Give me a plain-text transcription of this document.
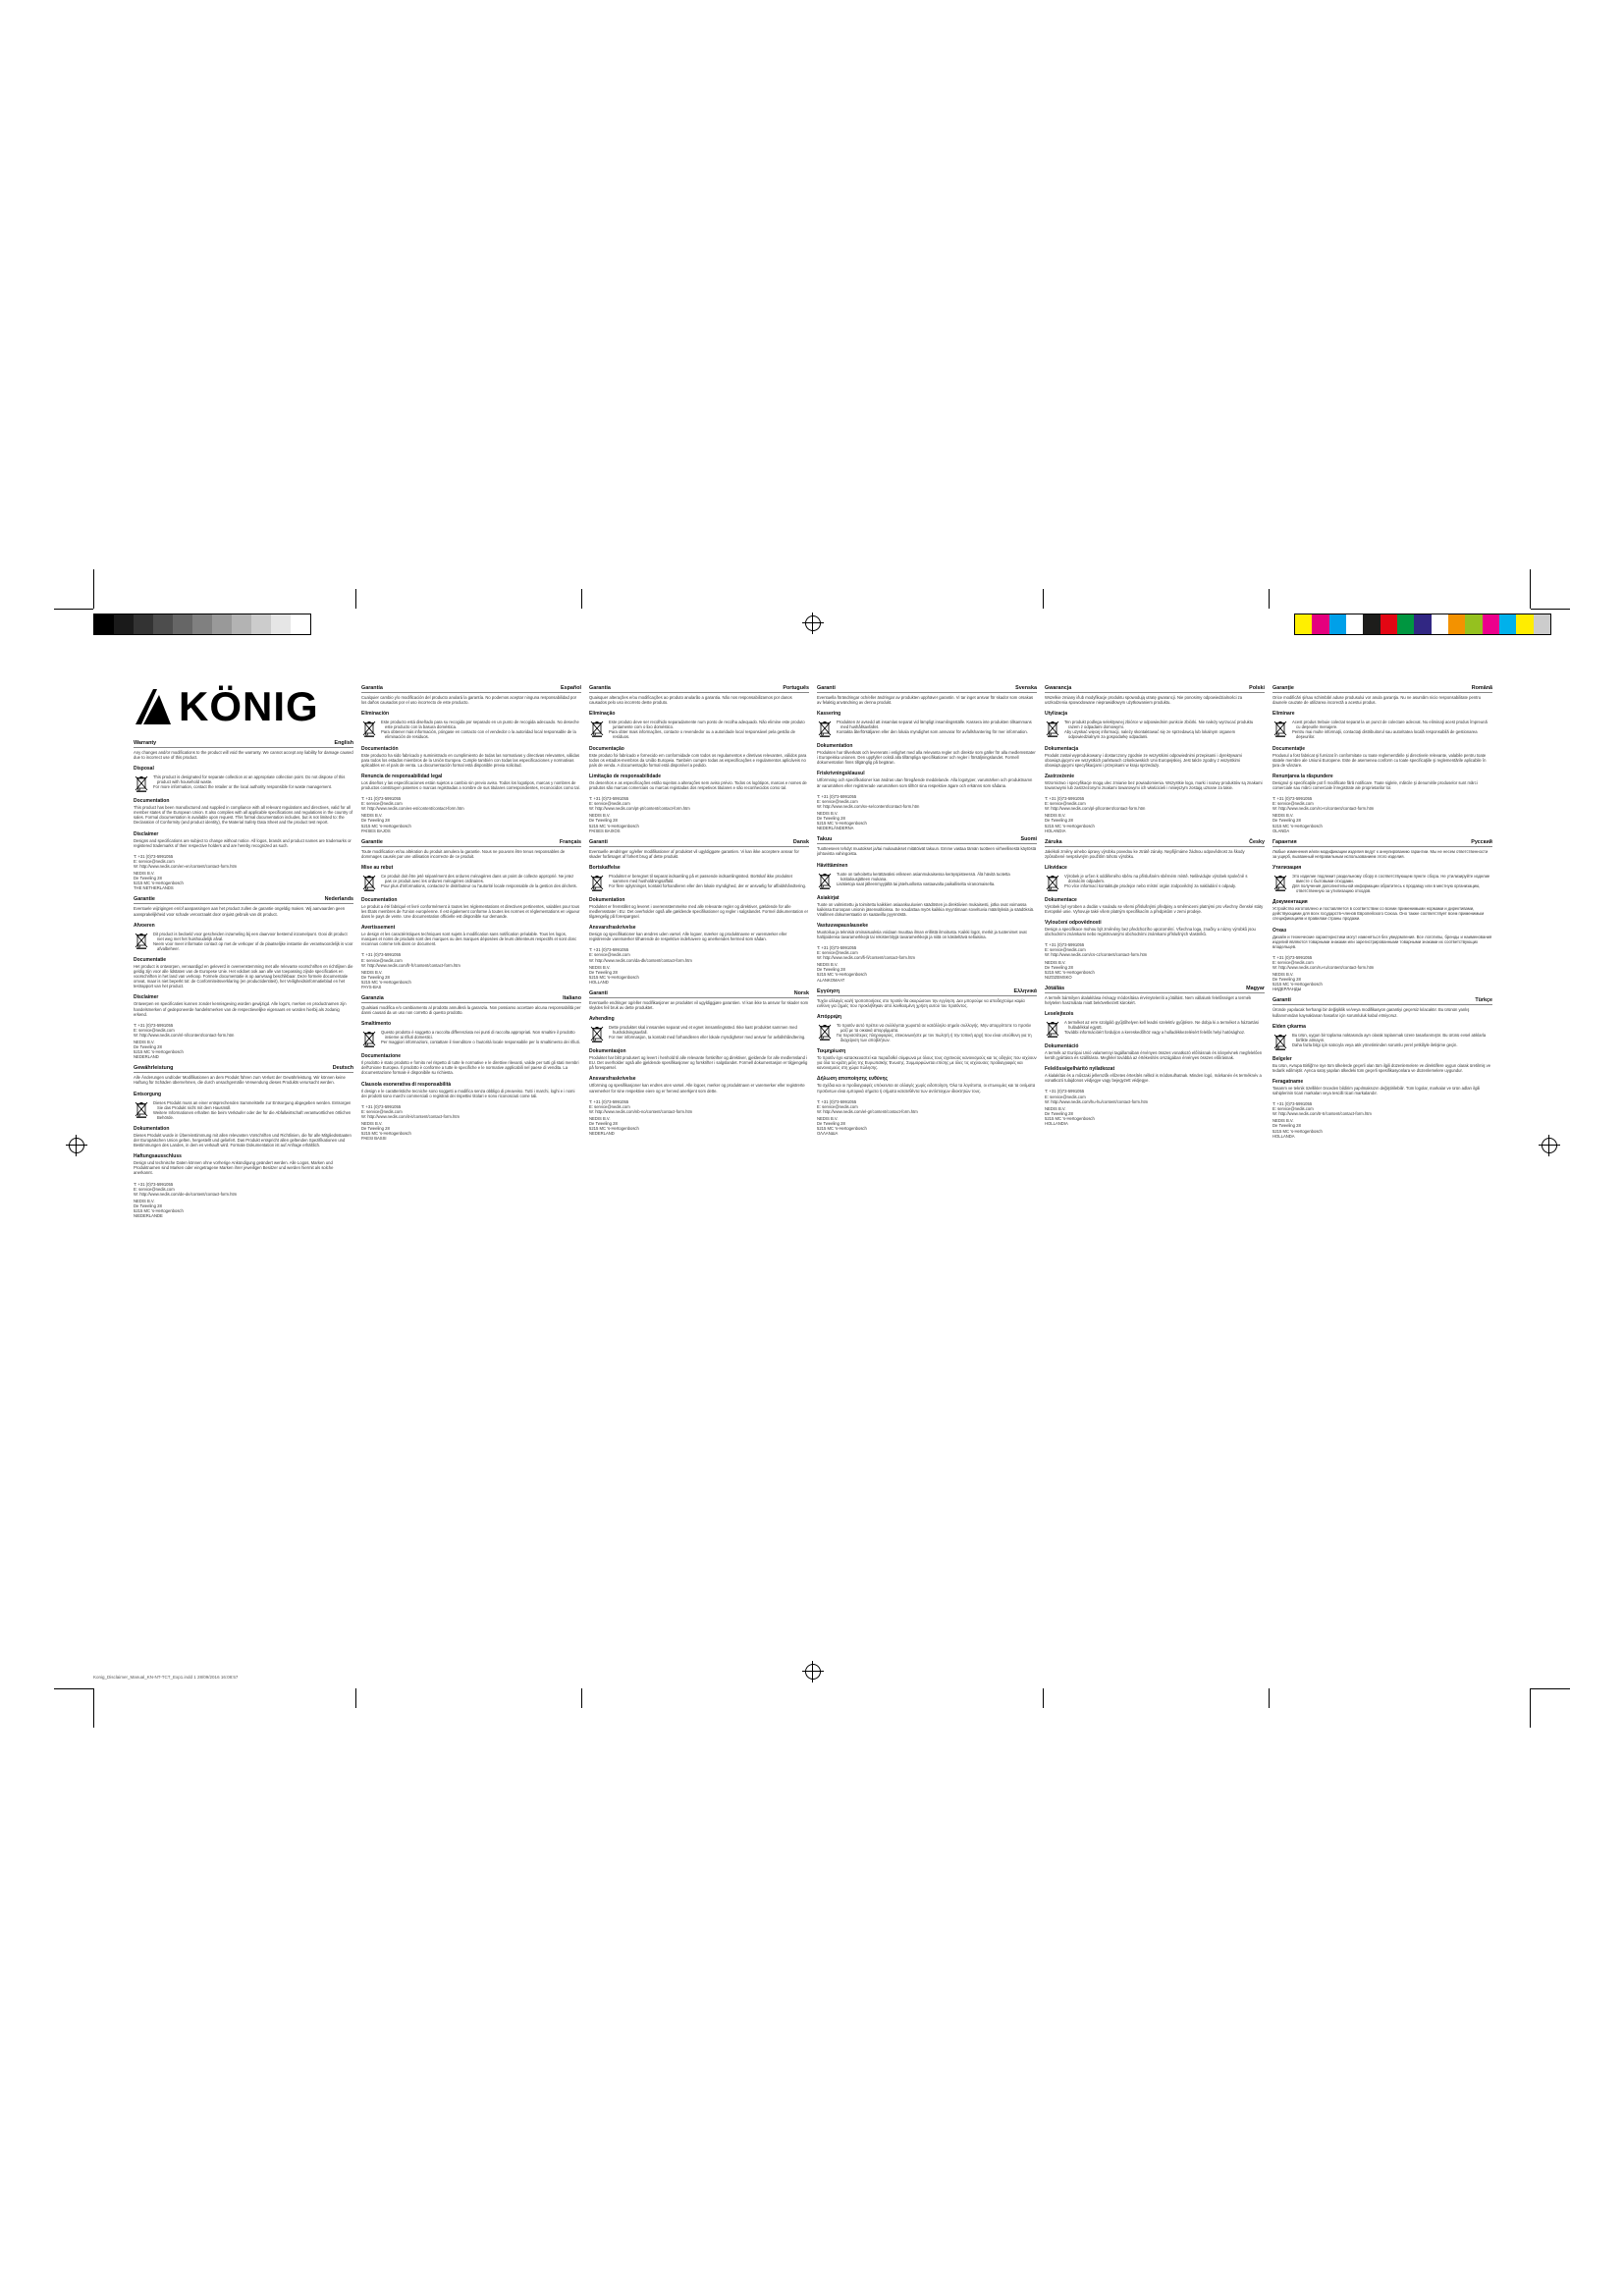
KÖNIG
Warranty	English
Any changes and/or modifications to the product will void the warranty. We cannot accept any liability for damage caused due to incorrect use of this product.
Disposal
This product is designated for separate collection at an appropriate collection point. Do not dispose of this product with household waste.
For more information, contact the retailer or the local authority responsible for waste management.
Documentation
This product has been manufactured and supplied in compliance with all relevant regulations and directives, valid for all member states of the European Union. It also complies with all applicable specifications and regulations in the country of sales. Formal documentation is available upon request. This formal documentation includes, but is not limited to: the Declaration of Conformity (and product identity), the Material Safety Data Sheet and the product test report.
Disclaimer
Designs and specifications are subject to change without notice. All logos, brands and product names are trademarks or registered trademarks of their respective holders and are hereby recognized as such.
T: +31 (0)73-5991055
E: service@nedis.com
W: http://www.nedis.com/en-en/content/contact-form.htm
NEDIS B.V.
De Tweeling 28
5215 MC 's-Hertogenbosch
THE NETHERLANDS
Garantie	Nederlands
Eventuele wijzigingen en/of aanpassingen aan het product zullen de garantie ongeldig maken. Wij aanvaarden geen aansprakelijkheid voor schade veroorzaakt door onjuist gebruik van dit product.
Afvoeren
Dit product is bedoeld voor gescheiden inzameling bij een daarvoor bestemd inzamelpunt. Gooi dit product niet weg met het huishoudelijk afval.
Neem voor meer informatie contact op met de verkoper of de plaatselijke instantie die verantwoordelijk is voor afvalbeheer.
Documentatie
Het product is ontworpen, vervaardigd en geleverd in overeenstemming met alle relevante voorschriften en richtlijnen die geldig zijn voor alle lidstaten van de Europese Unie. Het voldoet ook aan alle van toepassing zijnde specificaties en voorschriften in het land van verkoop. Formele documentatie is op aanvraag beschikbaar. Deze formele documentatie omvat, maar is niet beperkt tot: de Conformiteitsverklaring (en productidentiteit), het Veiligheidsinformatieblad en het testrapport van het product.
Disclaimer
Ontwerpen en specificaties kunnen zonder kennisgeving worden gewijzigd. Alle logo's, merken en productnamen zijn handelsmerken of gedeponeerde handelsmerken van de respectievelijke eigenaars en worden hierbij als zodanig erkend.
T: +31 (0)73-5991055
E: service@nedis.com
W: http://www.nedis.com/nl-nl/content/contact-form.htm
NEDIS B.V.
De Tweeling 28
5215 MC 's-Hertogenbosch
NEDERLAND
Gewährleistung	Deutsch
Alle Änderungen und/oder Modifikationen an dem Produkt führen zum Verlust der Gewährleistung. Wir können keine Haftung für Schäden übernehmen, die durch unsachgemäße Verwendung dieses Produkts verursacht werden.
Entsorgung
Dieses Produkt muss an einer entsprechenden Sammelstelle zur Entsorgung abgegeben werden. Entsorgen Sie das Produkt nicht mit dem Hausmüll.
Weitere Informationen erhalten Sie beim Verkäufer oder der für die Abfallwirtschaft verantwortlichen örtlichen Behörde.
Dokumentation
Dieses Produkt wurde in Übereinstimmung mit allen relevanten Vorschriften und Richtlinien, die für alle Mitgliedsstaaten der Europäischen Union gelten, hergestellt und geliefert. Das Produkt entspricht allen geltenden Spezifikationen und Bestimmungen des Landes, in dem es verkauft wird. Formale Dokumentation ist auf Anfrage erhältlich.
Haftungsausschluss
Design und technische Daten können ohne vorherige Ankündigung geändert werden. Alle Logos, Marken und Produktnamen sind Marken oder eingetragene Marken ihrer jeweiligen Besitzer und werden hiermit als solche anerkannt.
T: +31 (0)73-5991055
E: service@nedis.com
W: http://www.nedis.com/de-de/content/contact-form.htm
NEDIS B.V.
De Tweeling 28
5215 MC 's-Hertogenbosch
NIEDERLANDE
Garantía	Español
Cualquier cambio y/o modificación del producto anulará la garantía. No podemos aceptar ninguna responsabilidad por los daños causados por el uso incorrecto de este producto.
Eliminación
Este producto está diseñado para su recogida por separado en un punto de recogida adecuado. No deseche este producto con la basura doméstica.
Para obtener más información, póngase en contacto con el vendedor o la autoridad local responsable de la eliminación de residuos.
Documentación
Este producto ha sido fabricado y suministrado en cumplimiento de todas las normativas y directivas relevantes, válidas para todos los estados miembros de la Unión Europea. Cumple también con todas las especificaciones y normativas aplicables en el país de venta. La documentación formal está disponible previa solicitud.
Renuncia de responsabilidad legal
Los diseños y las especificaciones están sujetos a cambio sin previo aviso. Todos los logotipos, marcas y nombres de productos constituyen patentes o marcas registradas a nombre de sus titulares correspondientes, reconocidos como tal.
T: +31 (0)73-5991055
E: service@nedis.com
W: http://www.nedis.com/es-es/content/contact-form.htm
NEDIS B.V.
De Tweeling 28
5215 MC 's-Hertogenbosch
PAÍSES BAJOS
Garantie	Français
Toute modification et/ou altération du produit annulera la garantie. Nous ne pouvons être tenus responsables de dommages causés par une utilisation incorrecte de ce produit.
Mise au rebut
Ce produit doit être jeté séparément des ordures ménagères dans un point de collecte approprié. Ne jetez pas ce produit avec les ordures ménagères ordinaires.
Pour plus d'informations, contactez le distributeur ou l'autorité locale responsable de la gestion des déchets.
Documentation
Le produit a été fabriqué et livré conformément à toutes les réglementations et directives pertinentes, valables pour tous les États membres de l'Union européenne. Il est également conforme à toutes les normes et réglementations en vigueur dans le pays de vente. Une documentation officielle est disponible sur demande.
Avertissement
Le design et les caractéristiques techniques sont sujets à modification sans notification préalable. Tous les logos, marques et noms de produits sont des marques ou des marques déposées de leurs détenteurs respectifs et sont donc reconnus comme tels dans ce document.
T: +31 (0)73-5991055
E: service@nedis.com
W: http://www.nedis.com/fr-fr/content/contact-form.htm
NEDIS B.V.
De Tweeling 28
5215 MC 's-Hertogenbosch
PAYS-BAS
Garanzia	Italiano
Qualsiasi modifica e/o cambiamento al prodotto annullerà la garanzia. Non possiamo accettare alcuna responsabilità per danni causati da un uso non corretto di questo prodotto.
Smaltimento
Questo prodotto è soggetto a raccolta differenziata nei punti di raccolta appropriati. Non smaltire il prodotto insieme ai rifiuti domestici.
Per maggiori informazioni, contattare il rivenditore o l'autorità locale responsabile per lo smaltimento dei rifiuti.
Documentazione
Il prodotto è stato prodotto e fornito nel rispetto di tutte le normative e le direttive rilevanti, valide per tutti gli stati membri dell'Unione Europea. Il prodotto è conforme a tutte le specifiche e le normative applicabili nel paese di vendita. La documentazione formale è disponibile su richiesta.
Clausola esonerativa di responsabilità
Il design e le caratteristiche tecniche sono soggetti a modifica senza obbligo di preavviso. Tutti i marchi, loghi e i nomi dei prodotti sono marchi commerciali o registrati dei rispettivi titolari e sono riconosciuti come tali.
T: +31 (0)73-5991055
E: service@nedis.com
W: http://www.nedis.com/it-it/content/contact-form.htm
NEDIS B.V.
De Tweeling 28
5215 MC 's-Hertogenbosch
PAESI BASSI
Garantia	Português
Quaisquer alterações e/ou modificações ao produto anularão a garantia. Não nos responsabilizamos por danos causados pelo uso incorreto deste produto.
Eliminação
Este produto deve ser recolhido separadamente num ponto de recolha adequado. Não elimine este produto juntamente com o lixo doméstico.
Para obter mais informações, contacte o revendedor ou a autoridade local responsável pela gestão de resíduos.
Documentação
Este produto foi fabricado e fornecido em conformidade com todos os regulamentos e diretivas relevantes, válidos para todos os estados-membros da União Europeia. Também cumpre todas as especificações e regulamentos aplicáveis no país de venda. A documentação formal está disponível a pedido.
Limitação de responsabilidade
Os desenhos e as especificações estão sujeitos a alterações sem aviso prévio. Todos os logótipos, marcas e nomes de produtos são marcas comerciais ou marcas registadas dos respetivos titulares e são reconhecidos como tal.
T: +31 (0)73-5991055
E: service@nedis.com
W: http://www.nedis.com/pt-pt/content/contact-form.htm
NEDIS B.V.
De Tweeling 28
5215 MC 's-Hertogenbosch
PAÍSES BAIXOS
Garanti	Dansk
Eventuelle ændringer og/eller modifikationer af produktet vil ugyldiggøre garantien. Vi kan ikke acceptere ansvar for skader forårsaget af forkert brug af dette produkt.
Bortskaffelse
Produktet er beregnet til separat indsamling på et passende indsamlingssted. Bortskaf ikke produktet sammen med husholdningsaffald.
For flere oplysninger, kontakt forhandleren eller den lokale myndighed, der er ansvarlig for affaldshåndtering.
Dokumentation
Produktet er fremstillet og leveret i overensstemmelse med alle relevante regler og direktiver, gældende for alle medlemsstater i EU. Det overholder også alle gældende specifikationer og regler i salgslandet. Formel dokumentation er tilgængelig på forespørgsel.
Ansvarsfraskrivelse
Design og specifikationer kan ændres uden varsel. Alle logoer, mærker og produktnavne er varemærker eller registrerede varemærker tilhørende de respektive indehavere og anerkendes hermed som sådan.
T: +31 (0)73-5991055
E: service@nedis.com
W: http://www.nedis.com/da-dk/content/contact-form.htm
NEDIS B.V.
De Tweeling 28
5215 MC 's-Hertogenbosch
HOLLAND
Garanti	Norsk
Eventuelle endringer og/eller modifikasjoner av produktet vil ugyldiggjøre garantien. Vi kan ikke ta ansvar for skader som skyldes feil bruk av dette produktet.
Avhending
Dette produktet skal innsamles separat ved et egnet innsamlingssted. Ikke kast produktet sammen med husholdningsavfall.
For mer informasjon, ta kontakt med forhandleren eller lokale myndigheter med ansvar for avfallshåndtering.
Dokumentasjon
Produktet har blitt produsert og levert i henhold til alle relevante forskrifter og direktiver, gjeldende for alle medlemsland i EU. Det overholder også alle gjeldende spesifikasjoner og forskrifter i salgslandet. Formell dokumentasjon er tilgjengelig på forespørsel.
Ansvarsfraskrivelse
Utforming og spesifikasjoner kan endres uten varsel. Alle logoer, merker og produktnavn er varemerker eller registrerte varemerker for sine respektive eiere og er herved anerkjent som dette.
T: +31 (0)73-5991055
E: service@nedis.com
W: http://www.nedis.com/nb-no/content/contact-form.htm
NEDIS B.V.
De Tweeling 28
5215 MC 's-Hertogenbosch
NEDERLAND
Garanti	Svenska
Eventuella förändringar och/eller ändringar av produkten upphäver garantin. Vi tar inget ansvar för skador som orsakas av felaktig användning av denna produkt.
Kassering
Produkten är avsedd att insamlas separat vid lämpligt insamlingsställe. Kassera inte produkten tillsammans med hushållsavfallet.
Kontakta återförsäljaren eller den lokala myndighet som ansvarar för avfallshantering för mer information.
Dokumentation
Produkten har tillverkats och levererats i enlighet med alla relevanta regler och direktiv som gäller för alla medlemsstater i Europeiska unionen. Den uppfyller också alla tillämpliga specifikationer och regler i försäljningslandet. Formell dokumentation finns tillgänglig på begäran.
Friskrivningsklausul
Utformning och specifikationer kan ändras utan föregående meddelande. Alla logotyper, varumärken och produktnamn är varumärken eller registrerade varumärken som tillhör sina respektive ägare och erkänns som sådana.
T: +31 (0)73-5991055
E: service@nedis.com
W: http://www.nedis.com/sv-se/content/contact-form.htm
NEDIS B.V.
De Tweeling 28
5215 MC 's-Hertogenbosch
NEDERLÄNDERNA
Takuu	Suomi
Tuotteeseen tehdyt muutokset ja/tai mukautukset mitätöivät takuun. Emme vastaa tämän tuotteen virheellisestä käytöstä johtuvista vahingoista.
Hävittäminen
Tuote on tarkoitettu kerättäväksi erikseen asianmukaisessa keräyspisteessä. Älä hävitä tuotetta kotitalousjätteen mukana.
Lisätietoja saat jälleenmyyjältä tai jätehuollosta vastaavalta paikalliselta viranomaiselta.
Asiakirjat
Tuote on valmistettu ja toimitettu kaikkien asiaankuuluvien säädösten ja direktiivien mukaisesti, jotka ovat voimassa kaikissa Euroopan unionin jäsenvaltioissa. Se noudattaa myös kaikkia myyntimaan soveltuvia määrityksiä ja säädöksiä. Virallinen dokumentaatio on saatavilla pyynnöstä.
Vastuuvapauslauseke
Muotoilua ja teknisiä ominaisuuksia voidaan muuttaa ilman erillistä ilmoitusta. Kaikki logot, merkit ja tuotenimet ovat haltijoidensa tavaramerkkejä tai rekisteröityjä tavaramerkkejä ja niitä on käsiteltävä sellaisina.
T: +31 (0)73-5991055
E: service@nedis.com
W: http://www.nedis.com/fi-fi/content/contact-form.htm
NEDIS B.V.
De Tweeling 28
5215 MC 's-Hertogenbosch
ALANKOMAAT
Εγγύηση	Ελληνικά
Τυχόν αλλαγές και/ή τροποποιήσεις στο προϊόν θα ακυρώσουν την εγγύηση. Δεν μπορούμε να αποδεχτούμε καμία ευθύνη για ζημιές που προκλήθηκαν από λανθασμένη χρήση αυτού του προϊόντος.
Απόρριψη
Το προϊόν αυτό πρέπει να συλλέγεται χωριστά σε κατάλληλο σημείο συλλογής. Μην απορρίπτετε το προϊόν μαζί με τα οικιακά απορρίμματα.
Για περισσότερες πληροφορίες, επικοινωνήστε με τον πωλητή ή την τοπική αρχή που είναι υπεύθυνη για τη διαχείριση των αποβλήτων.
Τεκμηρίωση
Το προϊόν έχει κατασκευαστεί και παραδοθεί σύμφωνα με όλους τους σχετικούς κανονισμούς και τις οδηγίες που ισχύουν για όλα τα κράτη μέλη της Ευρωπαϊκής Ένωσης. Συμμορφώνεται επίσης με όλες τις ισχύουσες προδιαγραφές και κανονισμούς στη χώρα πώλησης.
Δήλωση αποποίησης ευθύνης
Τα σχέδια και οι προδιαγραφές υπόκεινται σε αλλαγές χωρίς ειδοποίηση. Όλα τα λογότυπα, οι επωνυμίες και τα ονόματα προϊόντων είναι εμπορικά σήματα ή σήματα κατατεθέντα των αντίστοιχων ιδιοκτητών τους.
T: +31 (0)73-5991055
E: service@nedis.com
W: http://www.nedis.com/el-gr/content/contact-form.htm
NEDIS B.V.
De Tweeling 28
5215 MC 's-Hertogenbosch
ΟΛΛΑΝΔΙΑ
Gwarancja	Polski
Wszelkie zmiany i/lub modyfikacje produktu spowodują utratę gwarancji. Nie ponosimy odpowiedzialności za uszkodzenia spowodowane nieprawidłowym użytkowaniem produktu.
Utylizacja
Ten produkt podlega selektywnej zbiórce w odpowiednim punkcie zbiórki. Nie należy wyrzucać produktu razem z odpadami domowymi.
Aby uzyskać więcej informacji, należy skontaktować się ze sprzedawcą lub lokalnym organem odpowiedzialnym za gospodarkę odpadami.
Dokumentacja
Produkt został wyprodukowany i dostarczony zgodnie ze wszystkimi odpowiednimi przepisami i dyrektywami obowiązującymi we wszystkich państwach członkowskich Unii Europejskiej. Jest także zgodny z wszystkimi obowiązującymi specyfikacjami i przepisami w kraju sprzedaży.
Zastrzeżenie
Wzornictwo i specyfikacje mogą ulec zmianie bez powiadomienia. Wszystkie logo, marki i nazwy produktów są znakami towarowymi lub zastrzeżonymi znakami towarowymi ich właścicieli i niniejszym zostają uznane za takie.
T: +31 (0)73-5991055
E: service@nedis.com
W: http://www.nedis.com/pl-pl/content/contact-form.htm
NEDIS B.V.
De Tweeling 28
5215 MC 's-Hertogenbosch
HOLANDIA
Záruka	Česky
Jakékoli změny a/nebo úpravy výrobku povedou ke ztrátě záruky. Nepřijímáme žádnou odpovědnost za škody způsobené nesprávným použitím tohoto výrobku.
Likvidace
Výrobek je určen k odděleného sběru na příslušném sběrném místě. Nelikvidujte výrobek společně s domácím odpadem.
Pro více informací kontaktujte prodejce nebo místní orgán zodpovědný za nakládání s odpady.
Dokumentace
Výrobek byl vyroben a dodán v souladu se všemi příslušnými předpisy a směrnicemi platnými pro všechny členské státy Evropské unie. Vyhovuje také všem platným specifikacím a předpisům v zemi prodeje.
Vyloučení odpovědnosti
Design a specifikace mohou být změněny bez předchozího upozornění. Všechna loga, značky a názvy výrobků jsou obchodními známkami nebo registrovanými obchodními známkami příslušných vlastníků.
T: +31 (0)73-5991055
E: service@nedis.com
W: http://www.nedis.com/cs-cz/content/contact-form.htm
NEDIS B.V.
De Tweeling 28
5215 MC 's-Hertogenbosch
NIZOZEMSKO
Jótállás	Magyar
A termék bármilyen átalakítása és/vagy módosítása érvényteleníti a jótállást. Nem vállalunk felelősséget a termék helytelen használata miatt bekövetkezett károkért.
Leselejtezés
A terméket az erre szolgáló gyűjtőhelyen kell leadni szelektív gyűjtésre. Ne dobja ki a terméket a háztartási hulladékkal együtt.
További információért forduljon a kereskedőhöz vagy a hulladékkezelésért felelős helyi hatósághoz.
Dokumentáció
A termék az Európai Unió valamennyi tagállamában érvényes összes vonatkozó előírásnak és irányelvnek megfelelően került gyártásra és szállításra. Megfelel továbbá az értékesítés országában érvényes összes előírásnak.
Felelősségelhárító nyilatkozat
A kialakítás és a műszaki jellemzők előzetes értesítés nélkül is módosulhatnak. Minden logó, márkanév és terméknév a vonatkozó tulajdonos védjegye vagy bejegyzett védjegye.
T: +31 (0)73-5991055
E: service@nedis.com
W: http://www.nedis.com/hu-hu/content/contact-form.htm
NEDIS B.V.
De Tweeling 28
5215 MC 's-Hertogenbosch
HOLLANDIA
Garanţie	Română
Orice modificări şi/sau schimbări aduse produsului vor anula garanţia. Nu ne asumăm nicio responsabilitate pentru daunele cauzate de utilizarea incorectă a acestui produs.
Eliminare
Acest produs trebuie colectat separat la un punct de colectare adecvat. Nu eliminaţi acest produs împreună cu deşeurile menajere.
Pentru mai multe informaţii, contactaţi distribuitorul sau autoritatea locală responsabilă de gestionarea deşeurilor.
Documentaţie
Produsul a fost fabricat şi furnizat în conformitate cu toate reglementările şi directivele relevante, valabile pentru toate statele membre ale Uniunii Europene. Este de asemenea conform cu toate specificaţiile şi reglementările aplicabile în ţara de vânzare.
Renunţarea la răspundere
Designul şi specificaţiile pot fi modificate fără notificare. Toate siglele, mărcile şi denumirile produselor sunt mărci comerciale sau mărci comerciale înregistrate ale proprietarilor lor.
T: +31 (0)73-5991055
E: service@nedis.com
W: http://www.nedis.com/ro-ro/content/contact-form.htm
NEDIS B.V.
De Tweeling 28
5215 MC 's-Hertogenbosch
OLANDA
Гарантия	Русский
Любые изменения и/или модификации изделия ведут к аннулированию гарантии. Мы не несем ответственности за ущерб, вызванный неправильным использованием этого изделия.
Утилизация
Это изделие подлежит раздельному сбору в соответствующем пункте сбора. Не утилизируйте изделие вместе с бытовыми отходами.
Для получения дополнительной информации обратитесь к продавцу или в местную организацию, ответственную за утилизацию отходов.
Документация
Устройство изготовлено и поставляется в соответствии со всеми применимыми нормами и директивами, действующими для всех государств-членов Европейского Союза. Оно также соответствует всем применимым спецификациям и правилам страны продажи.
Отказ
Дизайн и технические характеристики могут изменяться без уведомления. Все логотипы, бренды и наименования изделий являются товарными знаками или зарегистрированными товарными знаками их соответствующих владельцев.
T: +31 (0)73-5991055
E: service@nedis.com
W: http://www.nedis.com/ru-ru/content/contact-form.htm
NEDIS B.V.
De Tweeling 28
5215 MC 's-Hertogenbosch
НИДЕРЛАНДЫ
Garanti	Türkçe
Üründe yapılacak herhangi bir değişiklik ve/veya modifikasyon garantiyi geçersiz kılacaktır. Bu ürünün yanlış kullanımından kaynaklanan hasarlar için sorumluluk kabul etmiyoruz.
Elden çıkarma
Bu ürün, uygun bir toplama noktasında ayrı olarak toplanmak üzere tasarlanmıştır. Bu ürünü evsel atıklarla birlikte atmayın.
Daha fazla bilgi için satıcıyla veya atık yönetiminden sorumlu yerel yetkiliyle iletişime geçin.
Belgeler
Bu ürün, Avrupa Birliği'ne üye tüm ülkelerde geçerli olan tüm ilgili düzenlemelere ve direktiflere uygun olarak üretilmiş ve tedarik edilmiştir. Ayrıca satış yapılan ülkedeki tüm geçerli spesifikasyonlara ve düzenlemelere uygundur.
Feragatname
Tasarım ve teknik özellikler önceden bildirim yapılmaksızın değiştirilebilir. Tüm logolar, markalar ve ürün adları ilgili sahiplerinin ticari markaları veya tescilli ticari markalarıdır.
T: +31 (0)73-5991055
E: service@nedis.com
W: http://www.nedis.com/tr-tr/content/contact-form.htm
NEDIS B.V.
De Tweeling 28
5215 MC 's-Hertogenbosch
HOLLANDA
Konig_Disclaimer_Manual_KN-NT-TCT_Exp1.indd 1 28/09/2016 16:08:57
